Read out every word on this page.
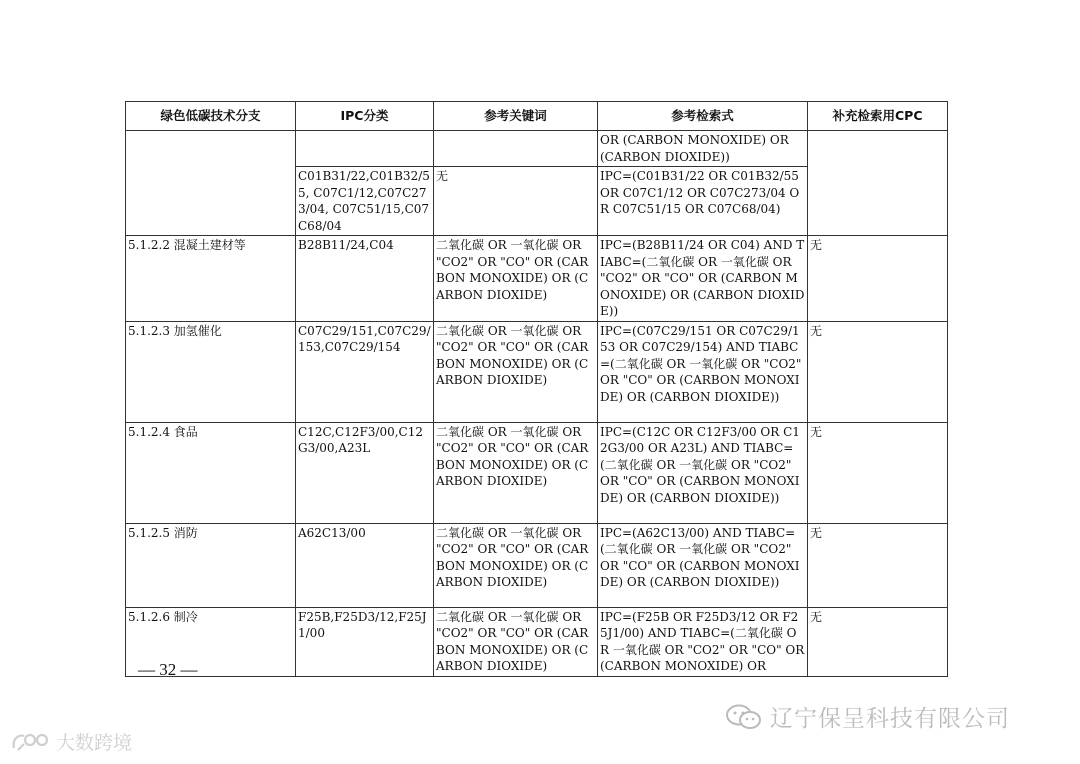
绿色低碳技术分支	IPC分类	参考关键词	参考检索式	补充检索用CPC
			OR (CARBON MONOXIDE) OR (CARBON DIOXIDE))	
	C01B31/22,C01B32/55, C07C1/12,C07C273/04, C07C51/15,C07C68/04	无	IPC=(C01B31/22 OR C01B32/55 OR C07C1/12 OR C07C273/04 OR C07C51/15 OR C07C68/04)	
5.1.2.2 混凝土建材等	B28B11/24,C04	二氧化碳 OR 一氧化碳 OR "CO2" OR "CO" OR (CARBON MONOXIDE) OR (CARBON DIOXIDE)	IPC=(B28B11/24 OR C04) AND TIABC=(二氧化碳 OR 一氧化碳 OR "CO2" OR "CO" OR (CARBON MONOXIDE) OR (CARBON DIOXIDE))	无
5.1.2.3 加氢催化	C07C29/151,C07C29/153,C07C29/154	二氧化碳 OR 一氧化碳 OR "CO2" OR "CO" OR (CARBON MONOXIDE) OR (CARBON DIOXIDE)	IPC=(C07C29/151 OR C07C29/153 OR C07C29/154) AND TIABC=(二氧化碳 OR 一氧化碳 OR "CO2" OR "CO" OR (CARBON MONOXIDE) OR (CARBON DIOXIDE))	无
5.1.2.4 食品	C12C,C12F3/00,C12G3/00,A23L	二氧化碳 OR 一氧化碳 OR "CO2" OR "CO" OR (CARBON MONOXIDE) OR (CARBON DIOXIDE)	IPC=(C12C OR C12F3/00 OR C12G3/00 OR A23L) AND TIABC=(二氧化碳 OR 一氧化碳 OR "CO2" OR "CO" OR (CARBON MONOXIDE) OR (CARBON DIOXIDE))	无
5.1.2.5 消防	A62C13/00	二氧化碳 OR 一氧化碳 OR "CO2" OR "CO" OR (CARBON MONOXIDE) OR (CARBON DIOXIDE)	IPC=(A62C13/00) AND TIABC=(二氧化碳 OR 一氧化碳 OR "CO2" OR "CO" OR (CARBON MONOXIDE) OR (CARBON DIOXIDE))	无
5.1.2.6 制冷	F25B,F25D3/12,F25J1/00	二氧化碳 OR 一氧化碳 OR "CO2" OR "CO" OR (CARBON MONOXIDE) OR (CARBON DIOXIDE)	IPC=(F25B OR F25D3/12 OR F25J1/00) AND TIABC=(二氧化碳 OR 一氧化碳 OR "CO2" OR "CO" OR (CARBON MONOXIDE) OR	无
— 32 —
辽宁保呈科技有限公司
大数跨境
